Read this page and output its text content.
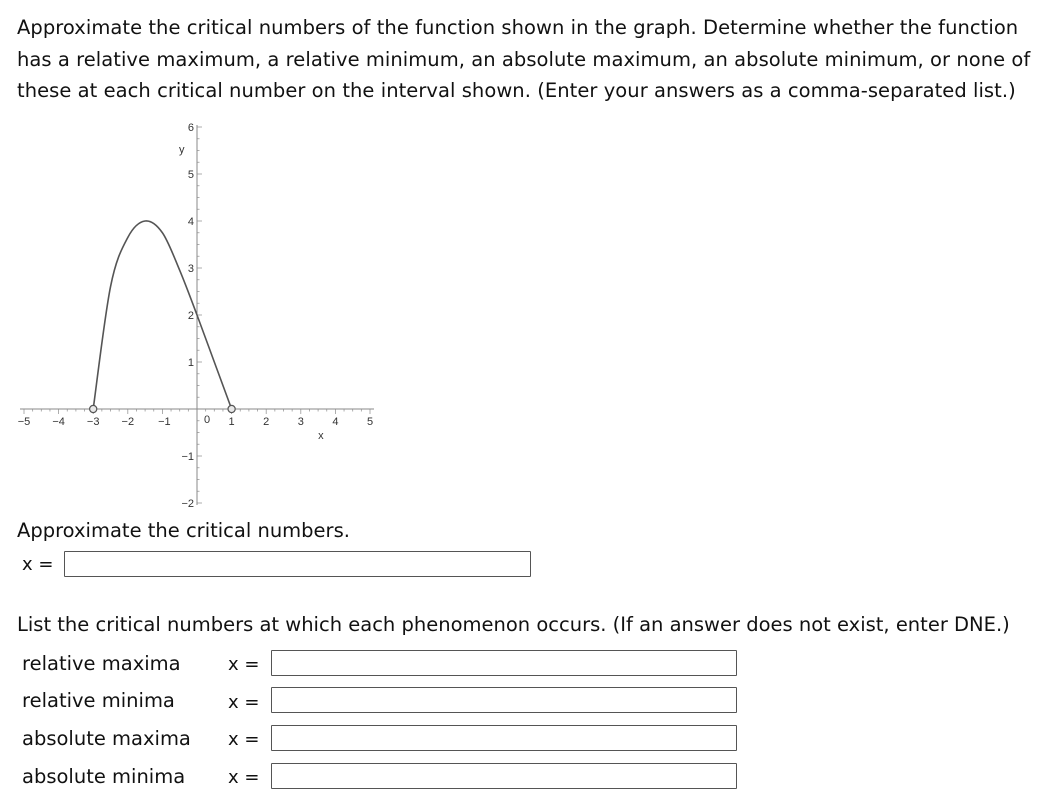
Approximate the critical numbers of the function shown in the graph. Determine whether the function has a relative maximum, a relative minimum, an absolute maximum, an absolute minimum, or none of these at each critical number on the interval shown. (Enter your answers as a comma-separated list.)

−5 −4 −3 −2 −1	0 1	2	3	4	5
−2
−1
1
2
3
4
5
6
x
y

Approximate the critical numbers.

x =

List the critical numbers at which each phenomenon occurs. (If an answer does not exist, enter DNE.)

relative maxima	x =
relative minima	x =
absolute maxima x =
absolute minima x =
